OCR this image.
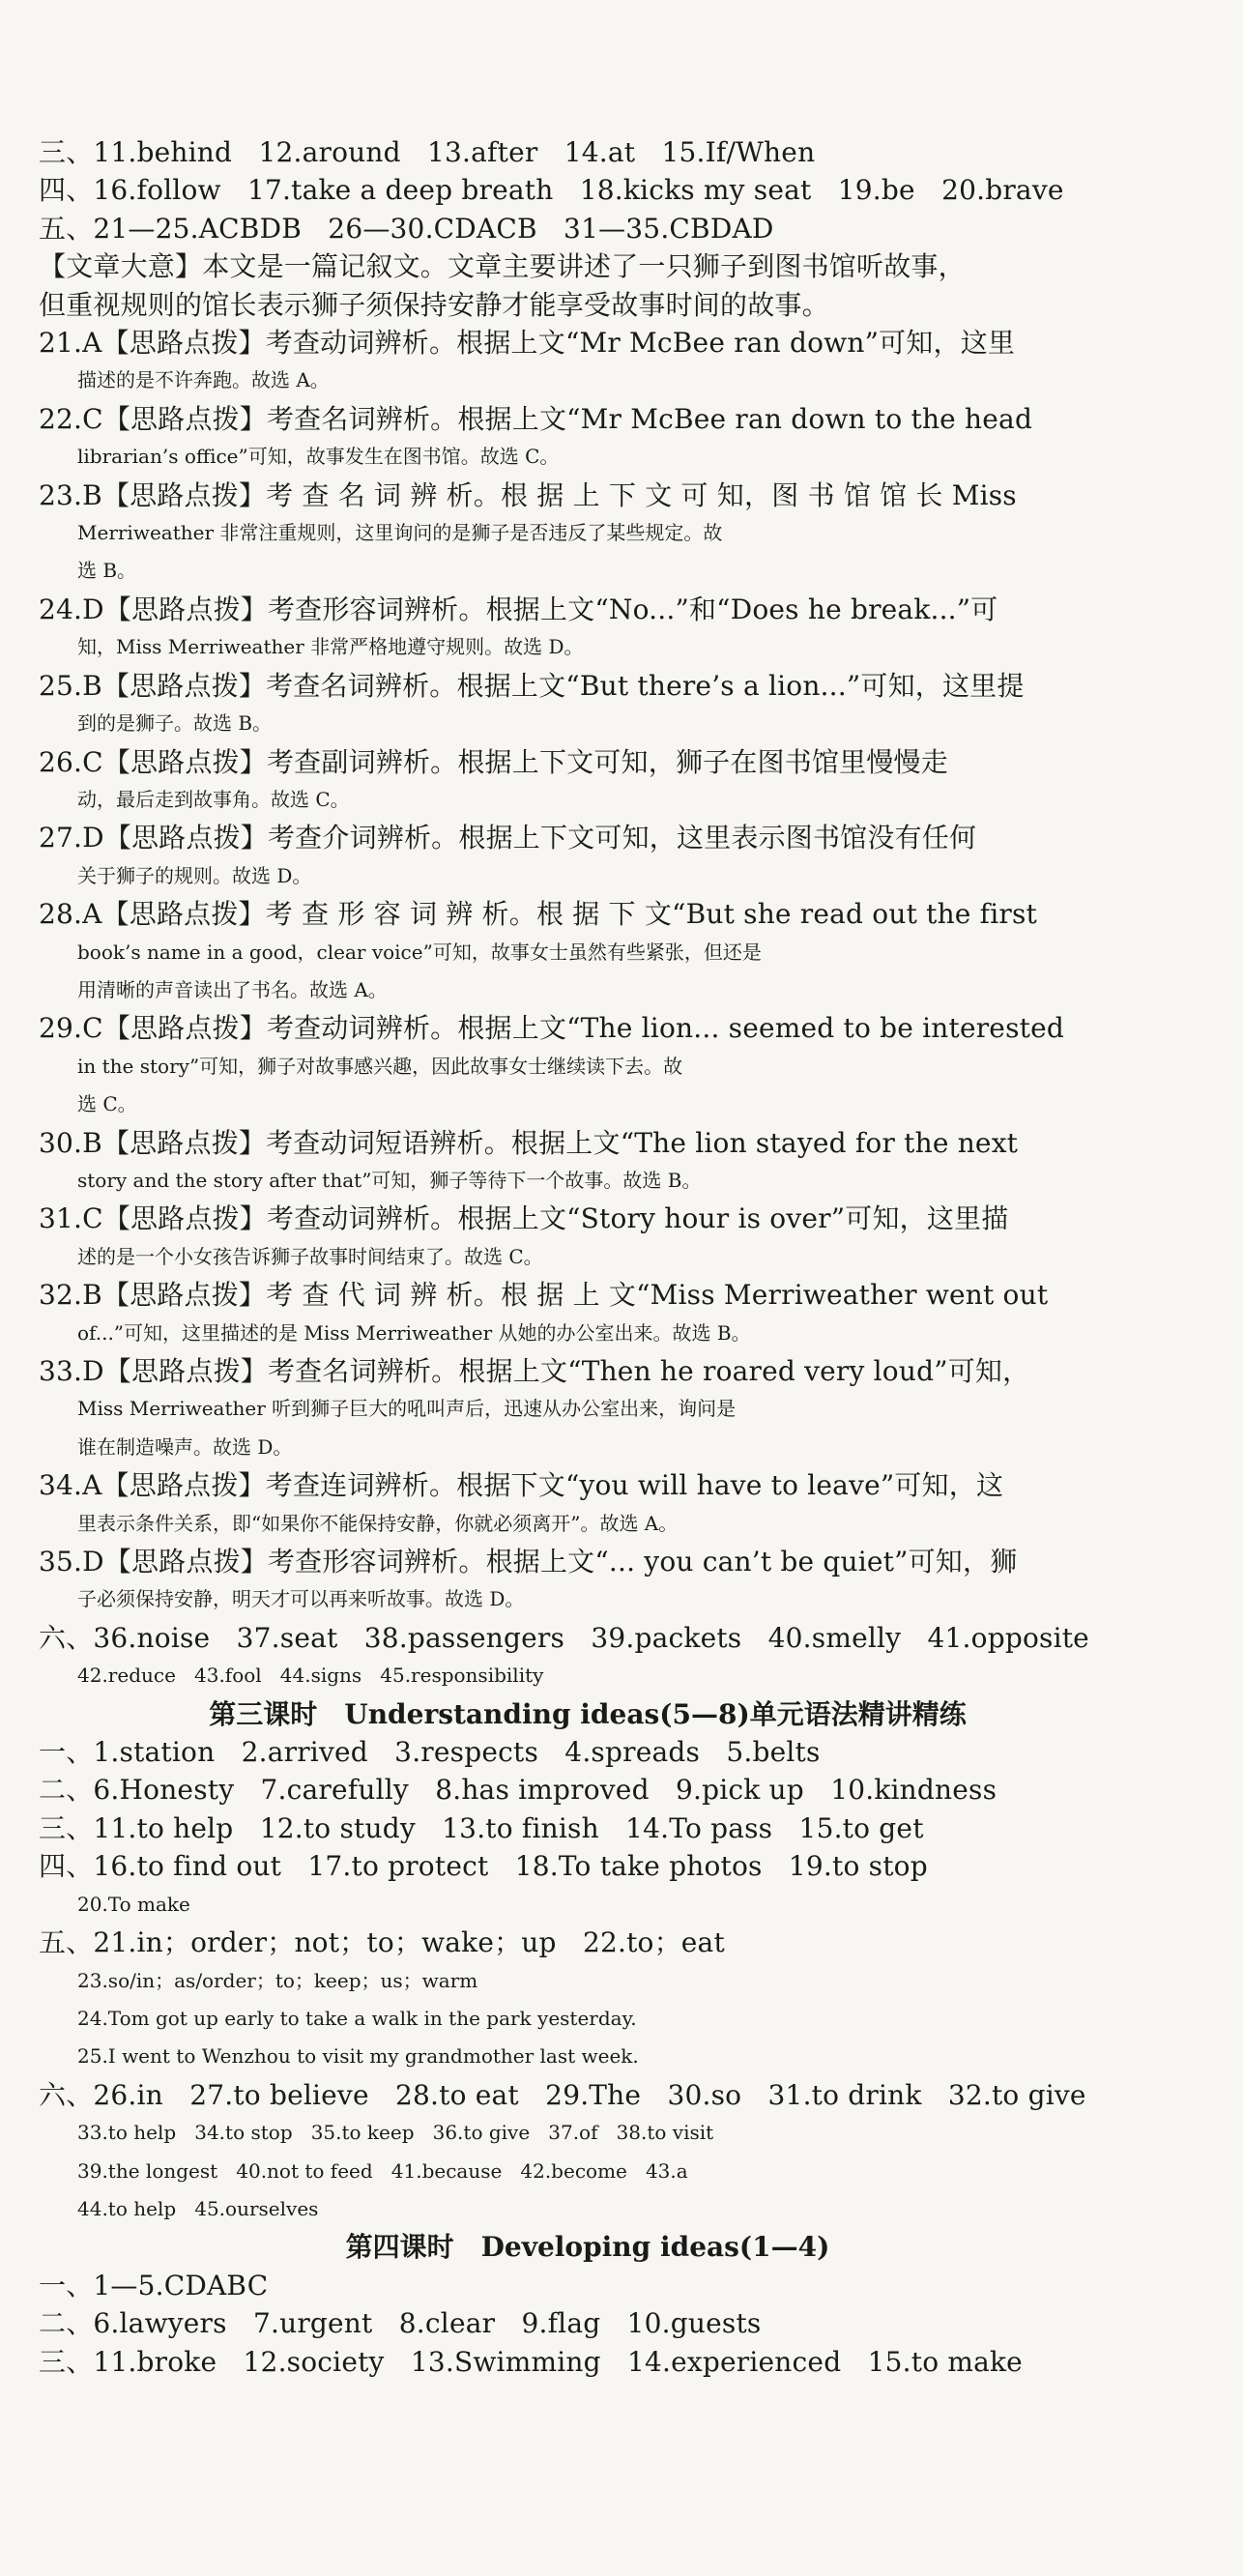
三、11.behind   12.around   13.after   14.at   15.If/When
四、16.follow   17.take a deep breath   18.kicks my seat   19.be   20.brave
五、21—25.ACBDB   26—30.CDACB   31—35.CBDAD
【文章大意】本文是一篇记叙文。文章主要讲述了一只狮子到图书馆听故事，
但重视规则的馆长表示狮子须保持安静才能享受故事时间的故事。
21.A【思路点拨】考查动词辨析。根据上文“Mr McBee ran down”可知，这里
描述的是不许奔跑。故选 A。
22.C【思路点拨】考查名词辨析。根据上文“Mr McBee ran down to the head
librarian’s office”可知，故事发生在图书馆。故选 C。
23.B【思路点拨】考 查 名 词 辨 析。根 据 上 下 文 可 知，图 书 馆 馆 长 Miss
Merriweather 非常注重规则，这里询问的是狮子是否违反了某些规定。故
选 B。
24.D【思路点拨】考查形容词辨析。根据上文“No...”和“Does he break...”可
知，Miss Merriweather 非常严格地遵守规则。故选 D。
25.B【思路点拨】考查名词辨析。根据上文“But there’s a lion...”可知，这里提
到的是狮子。故选 B。
26.C【思路点拨】考查副词辨析。根据上下文可知，狮子在图书馆里慢慢走
动，最后走到故事角。故选 C。
27.D【思路点拨】考查介词辨析。根据上下文可知，这里表示图书馆没有任何
关于狮子的规则。故选 D。
28.A【思路点拨】考 查 形 容 词 辨 析。根 据 下 文“But she read out the first
book’s name in a good，clear voice”可知，故事女士虽然有些紧张，但还是
用清晰的声音读出了书名。故选 A。
29.C【思路点拨】考查动词辨析。根据上文“The lion... seemed to be interested
in the story”可知，狮子对故事感兴趣，因此故事女士继续读下去。故
选 C。
30.B【思路点拨】考查动词短语辨析。根据上文“The lion stayed for the next
story and the story after that”可知，狮子等待下一个故事。故选 B。
31.C【思路点拨】考查动词辨析。根据上文“Story hour is over”可知，这里描
述的是一个小女孩告诉狮子故事时间结束了。故选 C。
32.B【思路点拨】考 查 代 词 辨 析。根 据 上 文“Miss Merriweather went out
of...”可知，这里描述的是 Miss Merriweather 从她的办公室出来。故选 B。
33.D【思路点拨】考查名词辨析。根据上文“Then he roared very loud”可知，
Miss Merriweather 听到狮子巨大的吼叫声后，迅速从办公室出来，询问是
谁在制造噪声。故选 D。
34.A【思路点拨】考查连词辨析。根据下文“you will have to leave”可知，这
里表示条件关系，即“如果你不能保持安静，你就必须离开”。故选 A。
35.D【思路点拨】考查形容词辨析。根据上文“... you can’t be quiet”可知，狮
子必须保持安静，明天才可以再来听故事。故选 D。
六、36.noise   37.seat   38.passengers   39.packets   40.smelly   41.opposite
42.reduce   43.fool   44.signs   45.responsibility
第三课时　Understanding ideas(5—8)单元语法精讲精练
一、1.station   2.arrived   3.respects   4.spreads   5.belts
二、6.Honesty   7.carefully   8.has improved   9.pick up   10.kindness
三、11.to help   12.to study   13.to finish   14.To pass   15.to get
四、16.to find out   17.to protect   18.To take photos   19.to stop
20.To make
五、21.in；order；not；to；wake；up   22.to；eat
23.so/in；as/order；to；keep；us；warm
24.Tom got up early to take a walk in the park yesterday.
25.I went to Wenzhou to visit my grandmother last week.
六、26.in   27.to believe   28.to eat   29.The   30.so   31.to drink   32.to give
33.to help   34.to stop   35.to keep   36.to give   37.of   38.to visit
39.the longest   40.not to feed   41.because   42.become   43.a
44.to help   45.ourselves
第四课时　Developing ideas(1—4)
一、1—5.CDABC
二、6.lawyers   7.urgent   8.clear   9.flag   10.guests
三、11.broke   12.society   13.Swimming   14.experienced   15.to make
